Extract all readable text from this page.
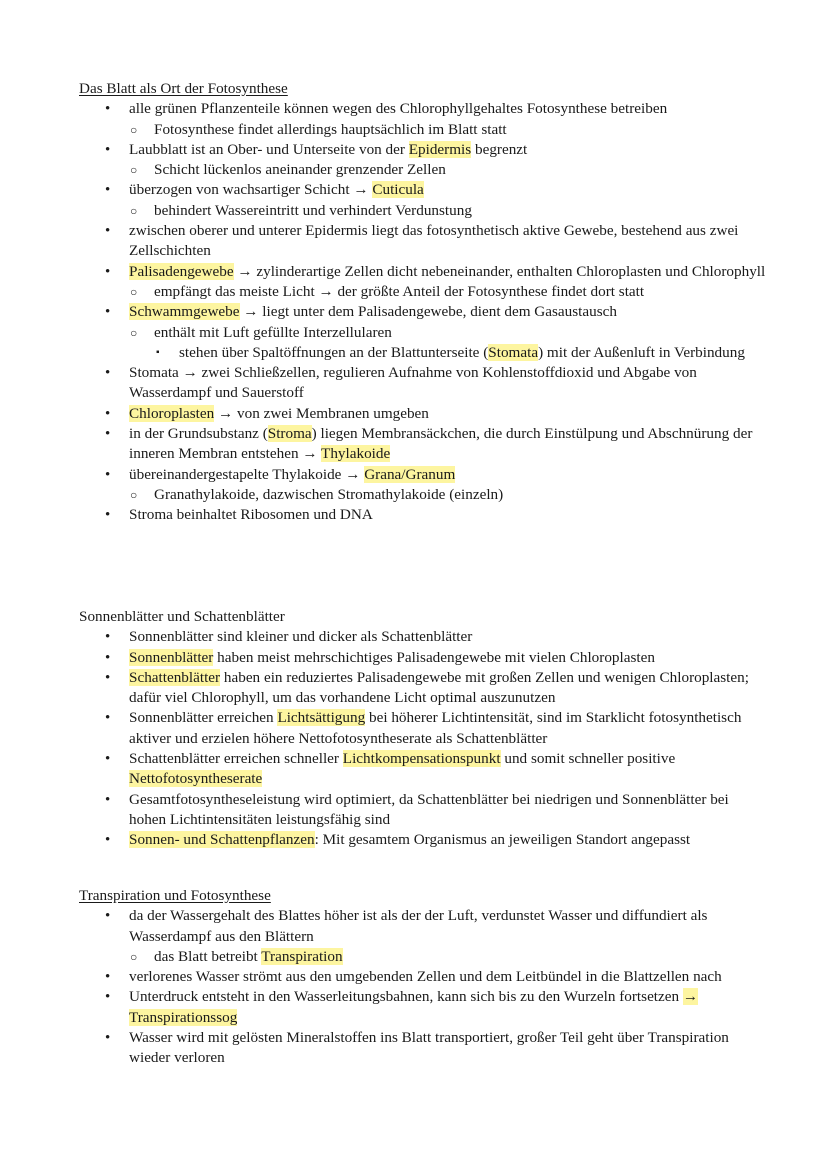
Das Blatt als Ort der Fotosynthese
• alle grünen Pflanzenteile können wegen des Chlorophyllgehaltes Fotosynthese betreiben
○ Fotosynthese findet allerdings hauptsächlich im Blatt statt
• Laubblatt ist an Ober- und Unterseite von der Epidermis begrenzt
○ Schicht lückenlos aneinander grenzender Zellen
• überzogen von wachsartiger Schicht → Cuticula
○ behindert Wassereintritt und verhindert Verdunstung
• zwischen oberer und unterer Epidermis liegt das fotosynthetisch aktive Gewebe, bestehend aus zwei Zellschichten
• Palisadengewebe → zylinderartige Zellen dicht nebeneinander, enthalten Chloroplasten und Chlorophyll
○ empfängt das meiste Licht → der größte Anteil der Fotosynthese findet dort statt
• Schwammgewebe → liegt unter dem Palisadengewebe, dient dem Gasaustausch
○ enthält mit Luft gefüllte Interzellularen
▪ stehen über Spaltöffnungen an der Blattunterseite (Stomata) mit der Außenluft in Verbindung
• Stomata → zwei Schließzellen, regulieren Aufnahme von Kohlenstoffdioxid und Abgabe von Wasserdampf und Sauerstoff
• Chloroplasten → von zwei Membranen umgeben
• in der Grundsubstanz (Stroma) liegen Membransäckchen, die durch Einstülpung und Abschnürung der inneren Membran entstehen → Thylakoide
• übereinandergestapelte Thylakoide → Grana/Granum
○ Granathylakoide, dazwischen Stromathylakoide (einzeln)
• Stroma beinhaltet Ribosomen und DNA
Sonnenblätter und Schattenblätter
• Sonnenblätter sind kleiner und dicker als Schattenblätter
• Sonnenblätter haben meist mehrschichtiges Palisadengewebe mit vielen Chloroplasten
• Schattenblätter haben ein reduziertes Palisadengewebe mit großen Zellen und wenigen Chloroplasten; dafür viel Chlorophyll, um das vorhandene Licht optimal auszunutzen
• Sonnenblätter erreichen Lichtsättigung bei höherer Lichtintensität, sind im Starklicht fotosynthetisch aktiver und erzielen höhere Nettofotosyntheserate als Schattenblätter
• Schattenblätter erreichen schneller Lichtkompensationspunkt und somit schneller positive Nettofotosyntheserate
• Gesamtfotosyntheseleistung wird optimiert, da Schattenblätter bei niedrigen und Sonnenblätter bei hohen Lichtintensitäten leistungsfähig sind
• Sonnen- und Schattenpflanzen: Mit gesamtem Organismus an jeweiligen Standort angepasst
Transpiration und Fotosynthese
• da der Wassergehalt des Blattes höher ist als der der Luft, verdunstet Wasser und diffundiert als Wasserdampf aus den Blättern
○ das Blatt betreibt Transpiration
• verlorenes Wasser strömt aus den umgebenden Zellen und dem Leitbündel in die Blattzellen nach
• Unterdruck entsteht in den Wasserleitungsbahnen, kann sich bis zu den Wurzeln fortsetzen → Transpirationssog
• Wasser wird mit gelösten Mineralstoffen ins Blatt transportiert, großer Teil geht über Transpiration wieder verloren
